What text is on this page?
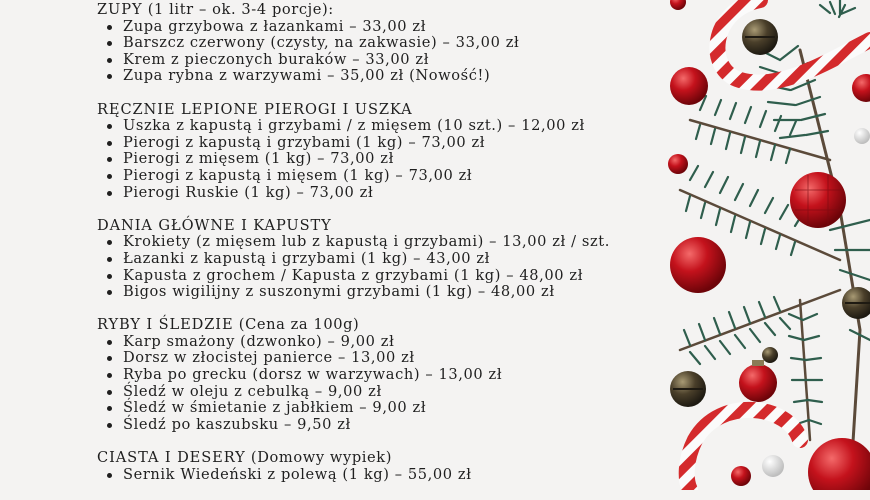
ZUPY (1 litr – ok. 3-4 porcje):
Zupa grzybowa z łazankami – 33,00 zł
Barszcz czerwony (czysty, na zakwasie) – 33,00 zł
Krem z pieczonych buraków – 33,00 zł
Zupa rybna z warzywami – 35,00 zł (Nowość!)
RĘCZNIE LEPIONE PIEROGI I USZKA
Uszka z kapustą i grzybami / z mięsem (10 szt.) – 12,00 zł
Pierogi z kapustą i grzybami (1 kg) – 73,00 zł
Pierogi z mięsem (1 kg) – 73,00 zł
Pierogi z kapustą i mięsem (1 kg) – 73,00 zł
Pierogi Ruskie (1 kg) – 73,00 zł
DANIA GŁÓWNE I KAPUSTY
Krokiety (z mięsem lub z kapustą i grzybami) – 13,00 zł / szt.
Łazanki z kapustą i grzybami (1 kg) – 43,00 zł
Kapusta z grochem / Kapusta z grzybami (1 kg) – 48,00 zł
Bigos wigilijny z suszonymi grzybami (1 kg) – 48,00 zł
RYBY I ŚLEDZIE (Cena za 100g)
Karp smażony (dzwonko) – 9,00 zł
Dorsz w złocistej panierce – 13,00 zł
Ryba po grecku (dorsz w warzywach) – 13,00 zł
Śledź w oleju z cebulką – 9,00 zł
Śledź w śmietanie z jabłkiem – 9,00 zł
Śledź po kaszubsku – 9,50 zł
CIASTA I DESERY (Domowy wypiek)
Sernik Wiedeński z polewą (1 kg) – 55,00 zł
